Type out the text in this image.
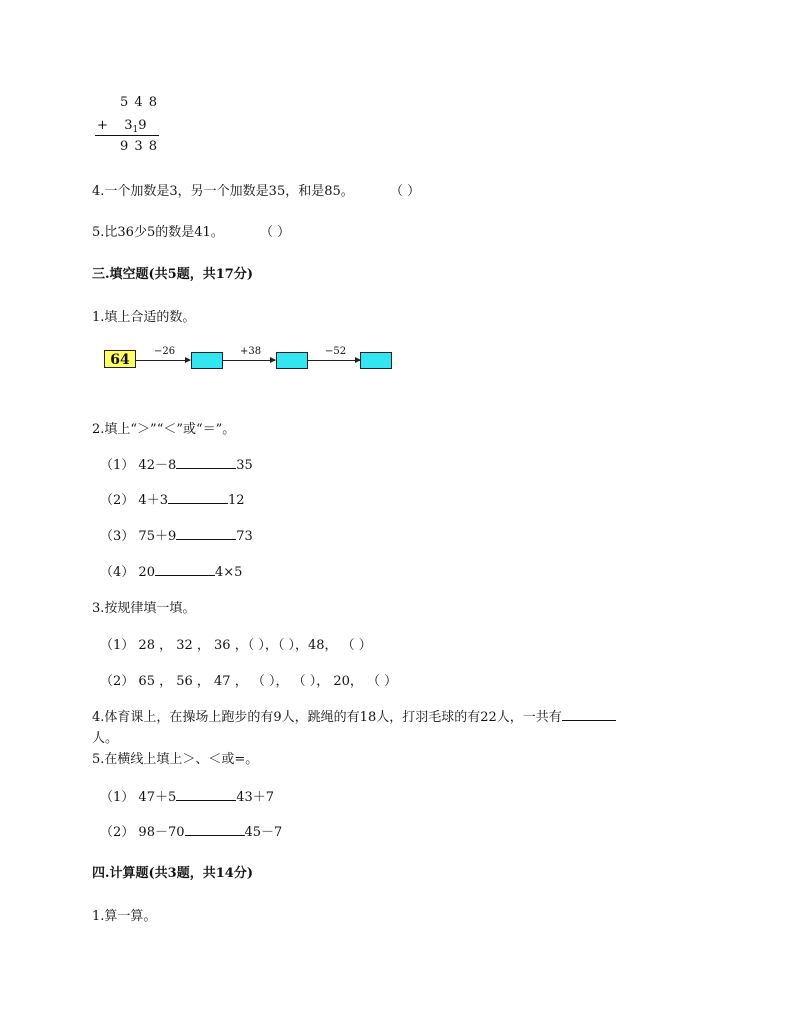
5 4 8
+ $3_19$
9 3 8
4.一个加数是3，另一个加数是35，和是85。	（ ）
5.比36少5的数是41。	（ ）
三.填空题(共5题，共17分)
1.填上合适的数。
64
−26	+38	−52
2.填上“＞”“＜”或“＝”。
（1） 42－8	35
（2） 4＋3	12
（3） 75＋9	73
（4） 20	4×5
3.按规律填一填。
（1） 28 ， 32 ， 36 ，（ ），（ ），48， （ ）
（2） 65 ， 56 ， 47 ， （ ）， （ ）， 20， （ ）
4.体育课上，在操场上跑步的有9人，跳绳的有18人，打羽毛球的有22人，一共有
人。
5.在横线上填上＞、＜或=。
（1） 47＋5	43＋7
（2） 98－70	45－7
四.计算题(共3题，共14分)
1.算一算。
